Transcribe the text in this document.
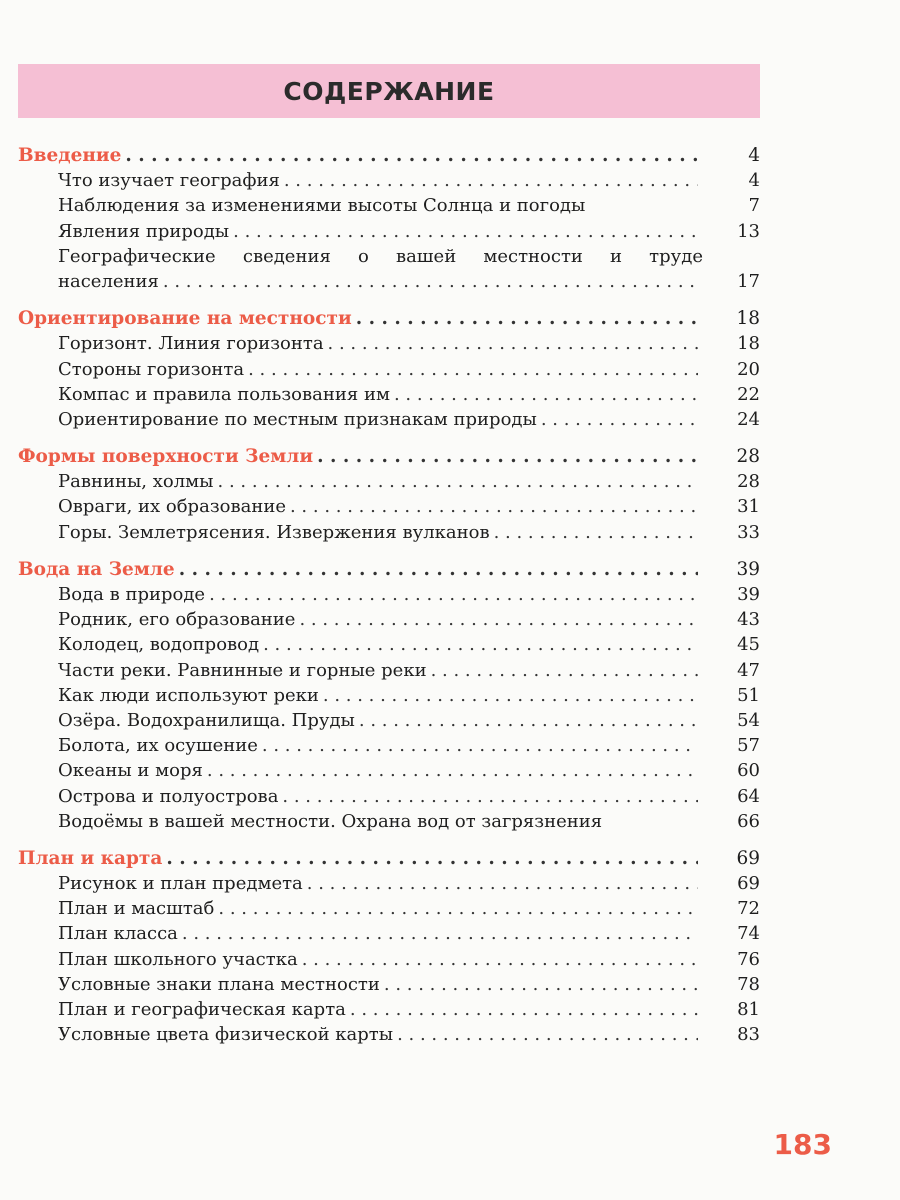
СОДЕРЖАНИЕ
Введение . . .	4
Что изучает география . . .	4
Наблюдения за изменениями высоты Солнца и погоды	7
Явления природы . . .	13
Географические сведения о вашей местности и труде
населения . . .	17
Ориентирование на местности . . .	18
Горизонт. Линия горизонта . . .	18
Стороны горизонта . . .	20
Компас и правила пользования им . . .	22
Ориентирование по местным признакам природы . . .	24
Формы поверхности Земли . . .	28
Равнины, холмы . . .	28
Овраги, их образование . . .	31
Горы. Землетрясения. Извержения вулканов . . .	33
Вода на Земле . . .	39
Вода в природе . . .	39
Родник, его образование . . .	43
Колодец, водопровод . . .	45
Части реки. Равнинные и горные реки . . .	47
Как люди используют реки . . .	51
Озёра. Водохранилища. Пруды . . .	54
Болота, их осушение . . .	57
Океаны и моря . . .	60
Острова и полуострова . . .	64
Водоёмы в вашей местности. Охрана вод от загрязнения	66
План и карта . . .	69
Рисунок и план предмета . . .	69
План и масштаб . . .	72
План класса . . .	74
План школьного участка . . .	76
Условные знаки плана местности . . .	78
План и географическая карта . . .	81
Условные цвета физической карты . . .	83
183
